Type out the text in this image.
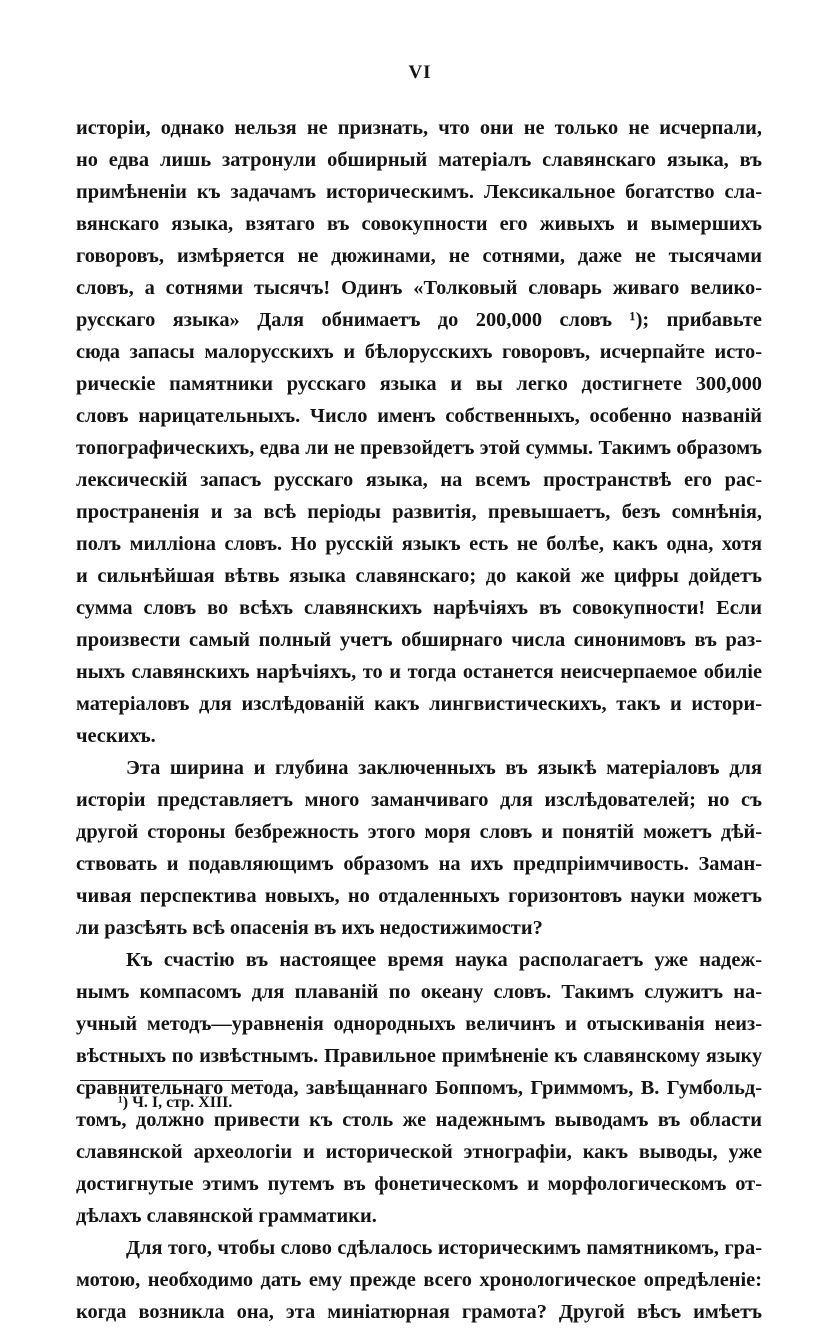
VI
исторіи, однако нельзя не признать, что они не только не исчерпали,
но едва лишь затронули обширный матеріалъ славянскаго языка, въ
примѣненіи къ задачамъ историческимъ. Лексикальное богатство сла-
вянскаго языка, взятаго въ совокупности его живыхъ и вымершихъ
говоровъ, измѣряется не дюжинами, не сотнями, даже не тысячами
словъ, а сотнями тысячъ! Одинъ «Толковый словарь живаго велико-
русскаго языка» Даля обнимаетъ до 200,000 словъ ¹); прибавьте
сюда запасы малорусскихъ и бѣлорусскихъ говоровъ, исчерпайте исто-
рическіе памятники русскаго языка и вы легко достигнете 300,000
словъ нарицательныхъ. Число именъ собственныхъ, особенно названій
топографическихъ, едва ли не превзойдетъ этой суммы. Такимъ образомъ
лексическій запасъ русскаго языка, на всемъ пространствѣ его рас-
пространенія и за всѣ періоды развитія, превышаетъ, безъ сомнѣнія,
полъ милліона словъ. Но русскій языкъ есть не болѣе, какъ одна, хотя
и сильнѣйшая вѣтвь языка славянскаго; до какой же цифры дойдетъ
сумма словъ во всѣхъ славянскихъ нарѣчіяхъ въ совокупности! Если
произвести самый полный учетъ обширнаго числа синонимовъ въ раз-
ныхъ славянскихъ нарѣчіяхъ, то и тогда останется неисчерпаемое обиліе
матеріаловъ для изслѣдованій какъ лингвистическихъ, такъ и истори-
ческихъ.
Эта ширина и глубина заключенныхъ въ языкѣ матеріаловъ для
исторіи представляетъ много заманчиваго для изслѣдователей; но съ
другой стороны безбрежность этого моря словъ и понятій можетъ дѣй-
ствовать и подавляющимъ образомъ на ихъ предпріимчивость. Заман-
чивая перспектива новыхъ, но отдаленныхъ горизонтовъ науки можетъ
ли разсѣять всѣ опасенія въ ихъ недостижимости?
Къ счастію въ настоящее время наука располагаетъ уже надеж-
нымъ компасомъ для плаваній по океану словъ. Такимъ служитъ на-
учный методъ—уравненія однородныхъ величинъ и отыскиванія неиз-
вѣстныхъ по извѣстнымъ. Правильное примѣненіе къ славянскому языку
сравнительнаго метода, завѣщаннаго Боппомъ, Гриммомъ, В. Гумбольд-
томъ, должно привести къ столь же надежнымъ выводамъ въ области
славянской археологіи и исторической этнографіи, какъ выводы, уже
достигнутые этимъ путемъ въ фонетическомъ и морфологическомъ от-
дѣлахъ славянской грамматики.
Для того, чтобы слово сдѣлалось историческимъ памятникомъ, гра-
мотою, необходимо дать ему прежде всего хронологическое опредѣленіе:
когда возникла она, эта миніатюрная грамота? Другой вѣсъ имѣетъ
¹) Ч. I, стр. XIII.
